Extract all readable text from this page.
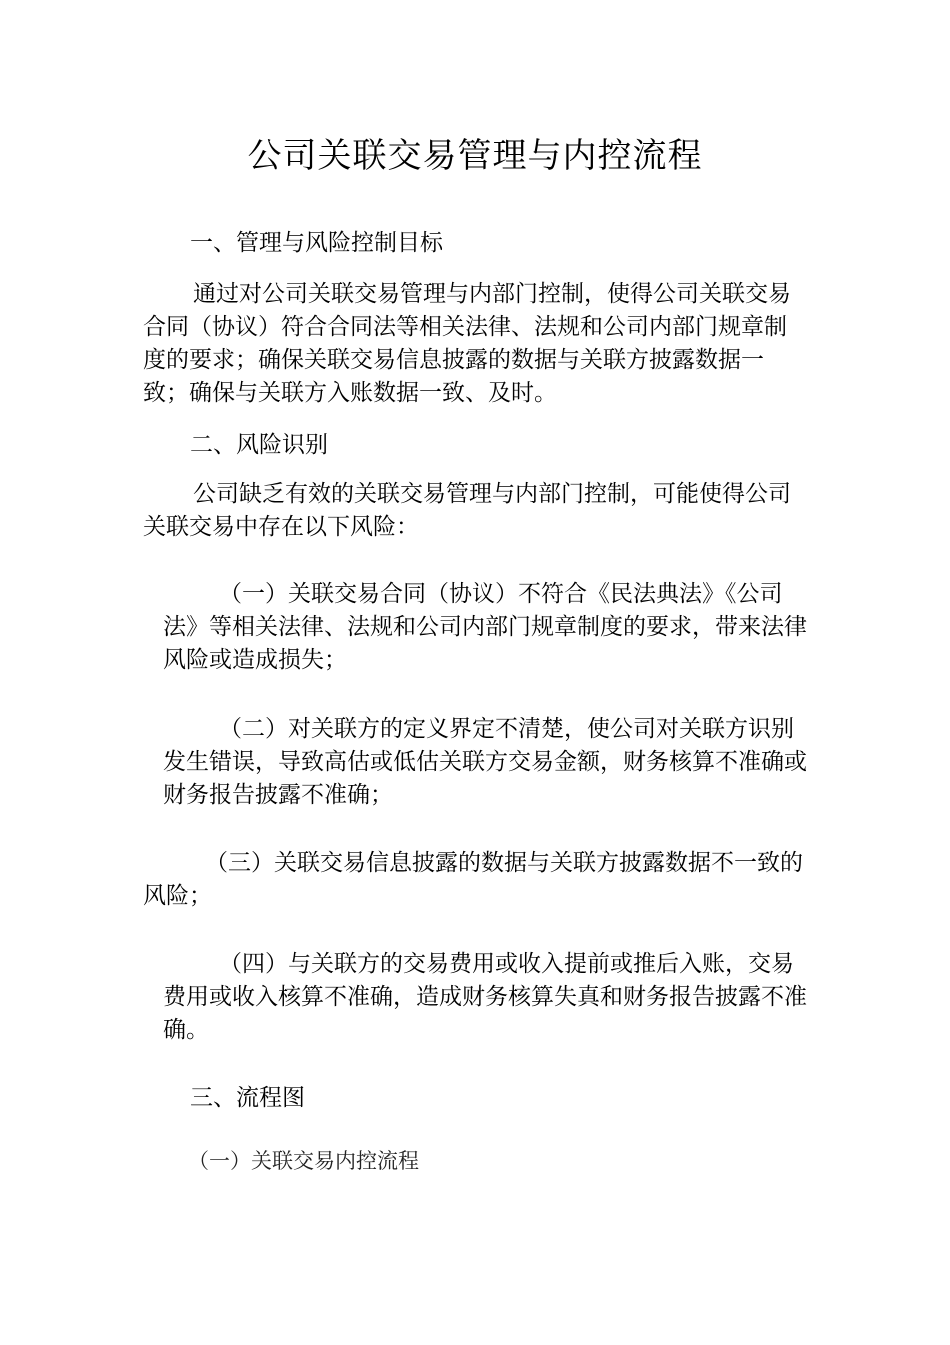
公司关联交易管理与内控流程
一、管理与风险控制目标

通过对公司关联交易管理与内部门控制，使得公司关联交易合同（协议）符合合同法等相关法律、法规和公司内部门规章制度的要求；确保关联交易信息披露的数据与关联方披露数据一致；确保与关联方入账数据一致、及时。

二、风险识别

公司缺乏有效的关联交易管理与内部门控制，可能使得公司关联交易中存在以下风险：

（一）关联交易合同（协议）不符合《民法典法》《公司法》等相关法律、法规和公司内部门规章制度的要求，带来法律风险或造成损失；

（二）对关联方的定义界定不清楚，使公司对关联方识别发生错误，导致高估或低估关联方交易金额，财务核算不准确或财务报告披露不准确；

（三）关联交易信息披露的数据与关联方披露数据不一致的风险；

（四）与关联方的交易费用或收入提前或推后入账，交易费用或收入核算不准确，造成财务核算失真和财务报告披露不准确。

三、流程图

（一）关联交易内控流程
